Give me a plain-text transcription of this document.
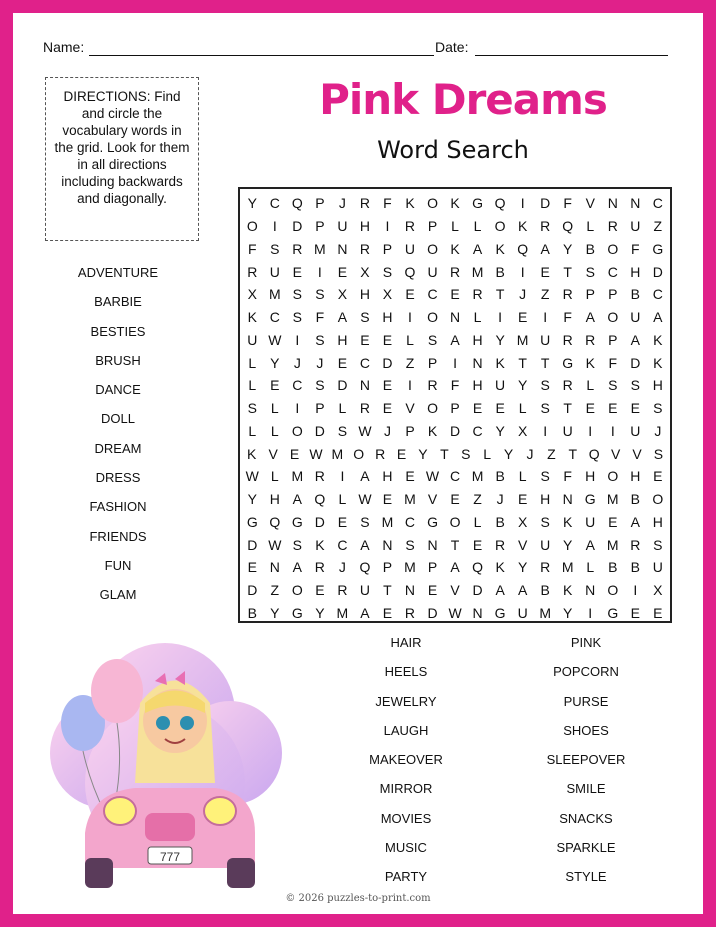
Name:	Date:
DIRECTIONS: Find and circle the vocabulary words in the grid. Look for them in all directions including backwards and diagonally.
Pink Dreams
Word Search
Y C Q P	J R F K O K G Q	I	D F V N N C
O	I	D P U H	I	R P L	L O K R Q L R U Z
F S R M N R P U O K A K Q A Y B O F G
R U E	I	E X S Q U R M B	I	E T S C H D
X M S S X H X E C E R T	J	Z R P P B C
K C S F A S H	I	O N L	I	E	I	F A O U A
U W I	S H E E L S A H Y M U R R P A K
L Y	J	J	E C D Z P	I	N K T T G K F D K
L E C S D N E	I	R F H U Y S R L S S H
S L	I	P L R E V O P E E L S T E E E S
L	L O D S W J	P K D C Y X	I	U	I	I	U J
K V E W M O R E Y T S L Y J Z T Q V V S
W L M R	I	A H E W C M B L S F H O H E
Y H A Q L W E M V E Z	J	E H N G M B O
G Q G D E S M C G O L B X S K U E A H
D W S K C A N S N T E R V U Y A M R S
E N A R J Q P M P A Q K Y R M L B B U
D Z O E R U T N E V D A A B K N O	I	X
B Y G Y M A E R D W N G U M Y	I	G E E
ADVENTURE
BARBIE
BESTIES
BRUSH
DANCE
DOLL
DREAM
DRESS
FASHION
FRIENDS
FUN
GLAM
HAIR
HEELS
JEWELRY
LAUGH
MAKEOVER
MIRROR
MOVIES
MUSIC
PARTY
PINK
POPCORN
PURSE
SHOES
SLEEPOVER
SMILE
SNACKS
SPARKLE
STYLE
777
© 2026 puzzles-to-print.com
